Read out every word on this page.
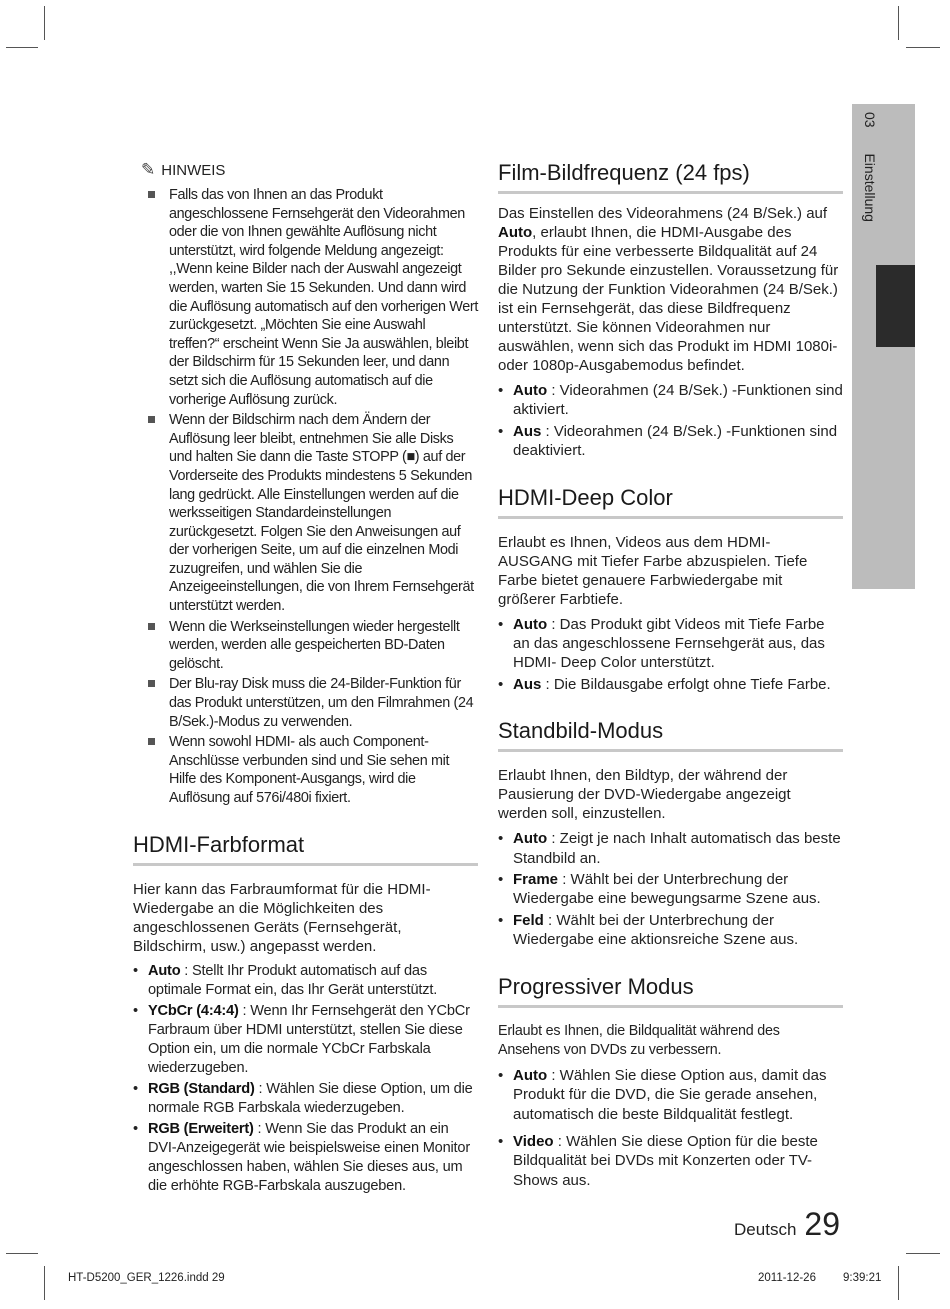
03 Einstellung
✎ HINWEIS
Falls das von Ihnen an das Produkt angeschlossene Fernsehgerät den Videorahmen oder die von Ihnen gewählte Auflösung nicht unterstützt, wird folgende Meldung angezeigt: ,,Wenn keine Bilder nach der Auswahl angezeigt werden, warten Sie 15 Sekunden. Und dann wird die Auflösung automatisch auf den vorherigen Wert zurückgesetzt. „Möchten Sie eine Auswahl treffen?“ erscheint Wenn Sie Ja auswählen, bleibt der Bildschirm für 15 Sekunden leer, und dann setzt sich die Auflösung automatisch auf die vorherige Auflösung zurück.
Wenn der Bildschirm nach dem Ändern der Auflösung leer bleibt, entnehmen Sie alle Disks und halten Sie dann die Taste STOPP (■) auf der Vorderseite des Produkts mindestens 5 Sekunden lang gedrückt. Alle Einstellungen werden auf die werksseitigen Standardeinstellungen zurückgesetzt. Folgen Sie den Anweisungen auf der vorherigen Seite, um auf die einzelnen Modi zuzugreifen, und wählen Sie die Anzeigeeinstellungen, die von Ihrem Fernsehgerät unterstützt werden.
Wenn die Werkseinstellungen wieder hergestellt werden, werden alle gespeicherten BD-Daten gelöscht.
Der Blu-ray Disk muss die 24-Bilder-Funktion für das Produkt unterstützen, um den Filmrahmen (24 B/Sek.)-Modus zu verwenden.
Wenn sowohl HDMI- als auch Component-Anschlüsse verbunden sind und Sie sehen mit Hilfe des Komponent-Ausgangs, wird die Auflösung auf 576i/480i fixiert.
HDMI-Farbformat
Hier kann das Farbraumformat für die HDMI-Wiedergabe an die Möglichkeiten des angeschlossenen Geräts (Fernsehgerät, Bildschirm, usw.) angepasst werden.
• Auto : Stellt Ihr Produkt automatisch auf das optimale Format ein, das Ihr Gerät unterstützt.
• YCbCr (4:4:4) : Wenn Ihr Fernsehgerät den YCbCr Farbraum über HDMI unterstützt, stellen Sie diese Option ein, um die normale YCbCr Farbskala wiederzugeben.
• RGB (Standard) : Wählen Sie diese Option, um die normale RGB Farbskala wiederzugeben.
• RGB (Erweitert) : Wenn Sie das Produkt an ein DVI-Anzeigegerät wie beispielsweise einen Monitor angeschlossen haben, wählen Sie dieses aus, um die erhöhte RGB-Farbskala auszugeben.
Film-Bildfrequenz (24 fps)
Das Einstellen des Videorahmens (24 B/Sek.) auf Auto, erlaubt Ihnen, die HDMI-Ausgabe des Produkts für eine verbesserte Bildqualität auf 24 Bilder pro Sekunde einzustellen. Voraussetzung für die Nutzung der Funktion Videorahmen (24 B/Sek.) ist ein Fernsehgerät, das diese Bildfrequenz unterstützt. Sie können Videorahmen nur auswählen, wenn sich das Produkt im HDMI 1080i- oder 1080p-Ausgabemodus befindet.
• Auto : Videorahmen (24 B/Sek.) -Funktionen sind aktiviert.
• Aus : Videorahmen (24 B/Sek.) -Funktionen sind deaktiviert.
HDMI-Deep Color
Erlaubt es Ihnen, Videos aus dem HDMI-AUSGANG mit Tiefer Farbe abzuspielen. Tiefe Farbe bietet genauere Farbwiedergabe mit größerer Farbtiefe.
• Auto : Das Produkt gibt Videos mit Tiefe Farbe an das angeschlossene Fernsehgerät aus, das HDMI- Deep Color unterstützt.
• Aus : Die Bildausgabe erfolgt ohne Tiefe Farbe.
Standbild-Modus
Erlaubt Ihnen, den Bildtyp, der während der Pausierung der DVD-Wiedergabe angezeigt werden soll, einzustellen.
• Auto : Zeigt je nach Inhalt automatisch das beste Standbild an.
• Frame : Wählt bei der Unterbrechung der Wiedergabe eine bewegungsarme Szene aus.
• Feld : Wählt bei der Unterbrechung der Wiedergabe eine aktionsreiche Szene aus.
Progressiver Modus
Erlaubt es Ihnen, die Bildqualität während des Ansehens von DVDs zu verbessern.
• Auto : Wählen Sie diese Option aus, damit das Produkt für die DVD, die Sie gerade ansehen, automatisch die beste Bildqualität festlegt.
• Video : Wählen Sie diese Option für die beste Bildqualität bei DVDs mit Konzerten oder TV-Shows aus.
Deutsch 29
HT-D5200_GER_1226.indd 29	2011-12-26 9:39:21
